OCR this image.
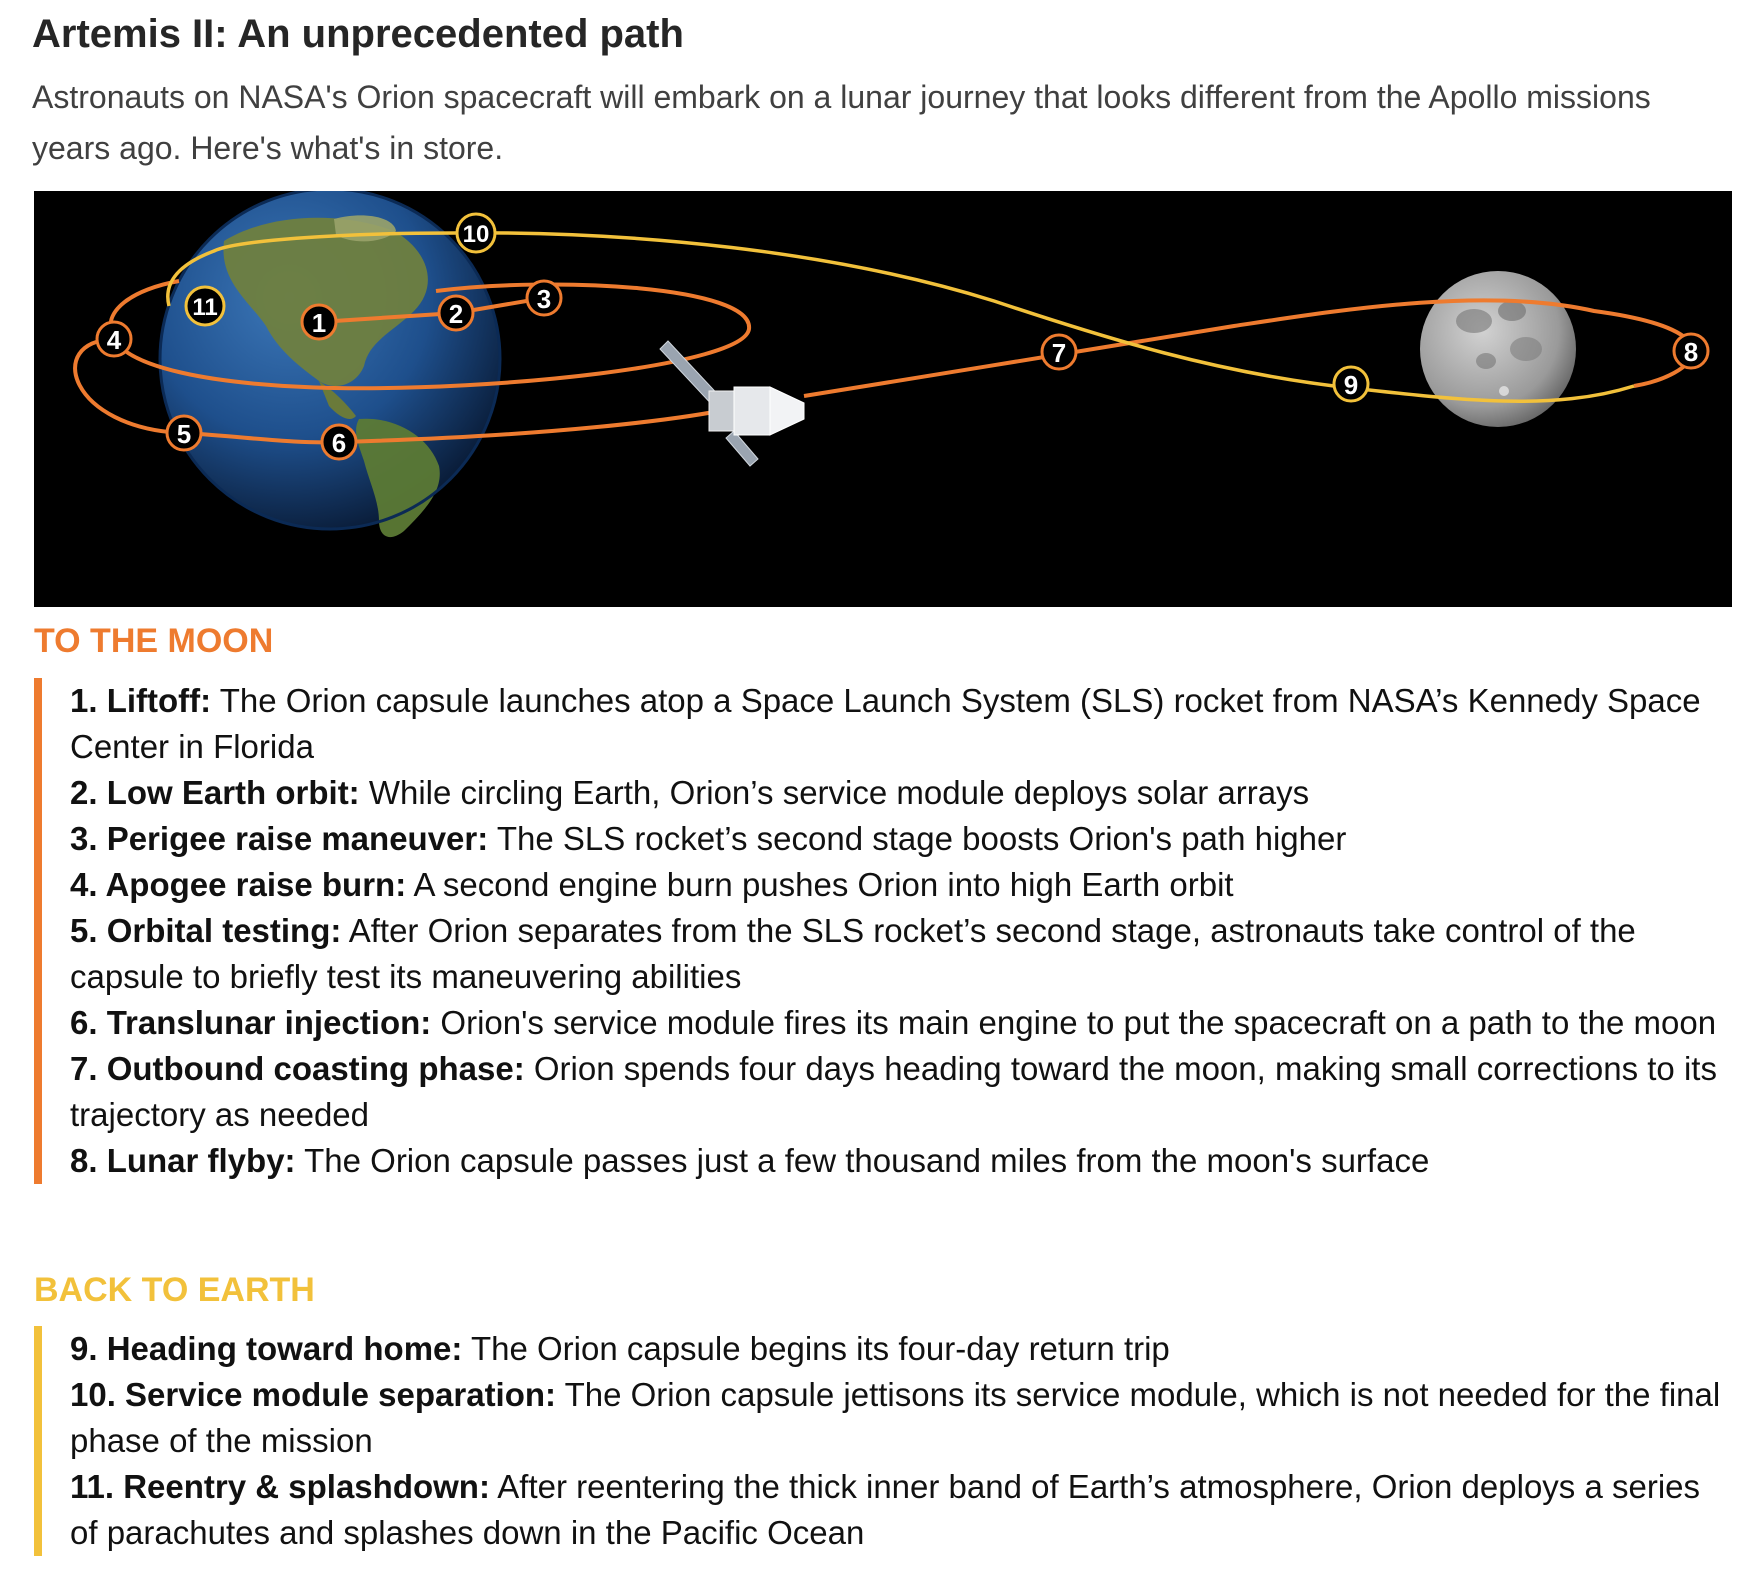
Artemis II: An unprecedented path

Astronauts on NASA's Orion spacecraft will embark on a lunar journey that looks different from the Apollo missions years ago. Here's what's in store.

1	2	3
4
5	6
7	8
9
10
11
TO THE MOON
1. Liftoff: The Orion capsule launches atop a Space Launch System (SLS) rocket from NASA’s Kennedy Space Center in Florida
2. Low Earth orbit: While circling Earth, Orion’s service module deploys solar arrays
3. Perigee raise maneuver: The SLS rocket’s second stage boosts Orion's path higher
4. Apogee raise burn: A second engine burn pushes Orion into high Earth orbit
5. Orbital testing: After Orion separates from the SLS rocket’s second stage, astronauts take control of the capsule to briefly test its maneuvering abilities
6. Translunar injection: Orion's service module fires its main engine to put the spacecraft on a path to the moon
7. Outbound coasting phase: Orion spends four days heading toward the moon, making small corrections to its trajectory as needed
8. Lunar flyby: The Orion capsule passes just a few thousand miles from the moon's surface
BACK TO EARTH
9. Heading toward home: The Orion capsule begins its four-day return trip
10. Service module separation: The Orion capsule jettisons its service module, which is not needed for the final phase of the mission
11. Reentry & splashdown: After reentering the thick inner band of Earth’s atmosphere, Orion deploys a series of parachutes and splashes down in the Pacific Ocean
